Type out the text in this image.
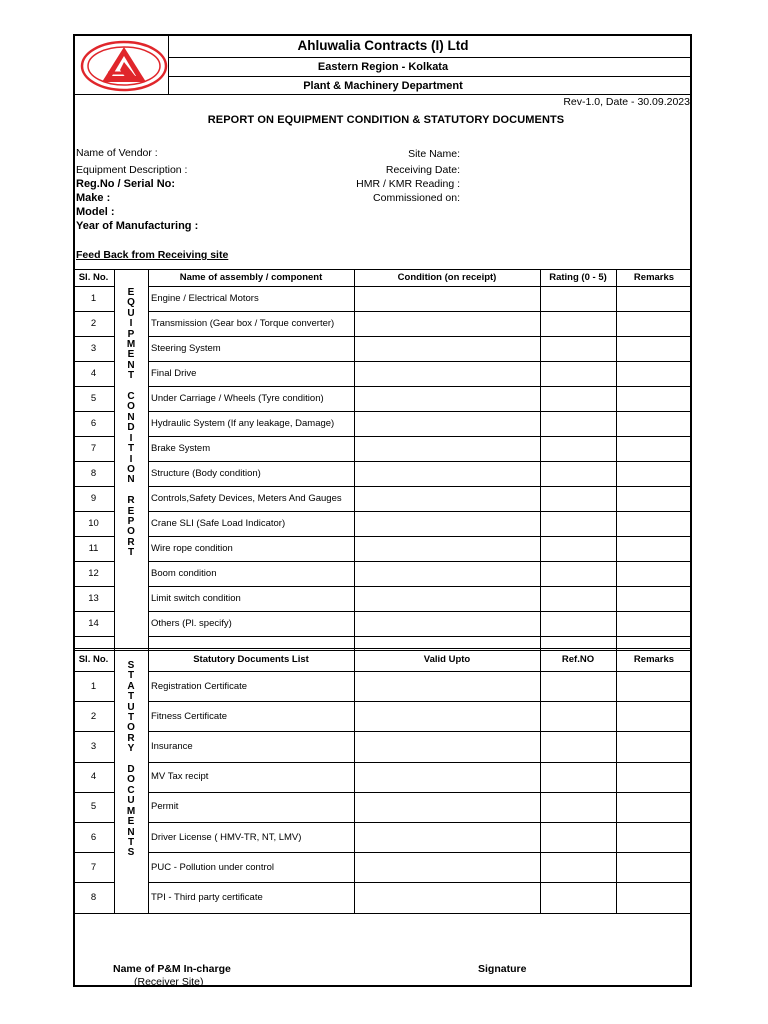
Ahluwalia Contracts (I) Ltd
Eastern Region - Kolkata
Plant & Machinery Department
Rev-1.0, Date - 30.09.2023
REPORT ON EQUIPMENT CONDITION & STATUTORY DOCUMENTS
Name of Vendor :
Equipment Description :
Reg.No / Serial No:
Make :
Model :
Year of Manufacturing :
Site Name:
Receiving Date:
HMR / KMR Reading :
Commissioned on:
Feed Back from Receiving site
Name of P&M In-charge
(Receiver Site)
Signature
Sl. No.	Name of assembly / component	Condition (on receipt)	Rating (0 - 5)	Remarks
1	Engine / Electrical Motors
2	Transmission (Gear box / Torque converter)
3	Steering System
4	Final Drive
5	Under Carriage / Wheels (Tyre condition)
6	Hydraulic System (If any leakage, Damage)
7	Brake System
8	Structure (Body condition)
9	Controls,Safety Devices, Meters And Gauges
10	Crane SLI (Safe Load Indicator)
11	Wire rope condition
12	Boom condition
13	Limit switch condition
14	Others (Pl. specify)
E
Q
U
I
P
M
E
N
T

C
O
N
D
I
T
I
O
N

R
E
P
O
R
T
Sl. No.	Statutory Documents List	Valid Upto	Ref.NO	Remarks
1	Registration Certificate
2	Fitness Certificate
3	Insurance
4	MV Tax recipt
5	Permit
6	Driver License ( HMV-TR, NT, LMV)
7	PUC - Pollution under control
8	TPI - Third party certificate
S
T
A
T
U
T
O
R
Y

D
O
C
U
M
E
N
T
S
